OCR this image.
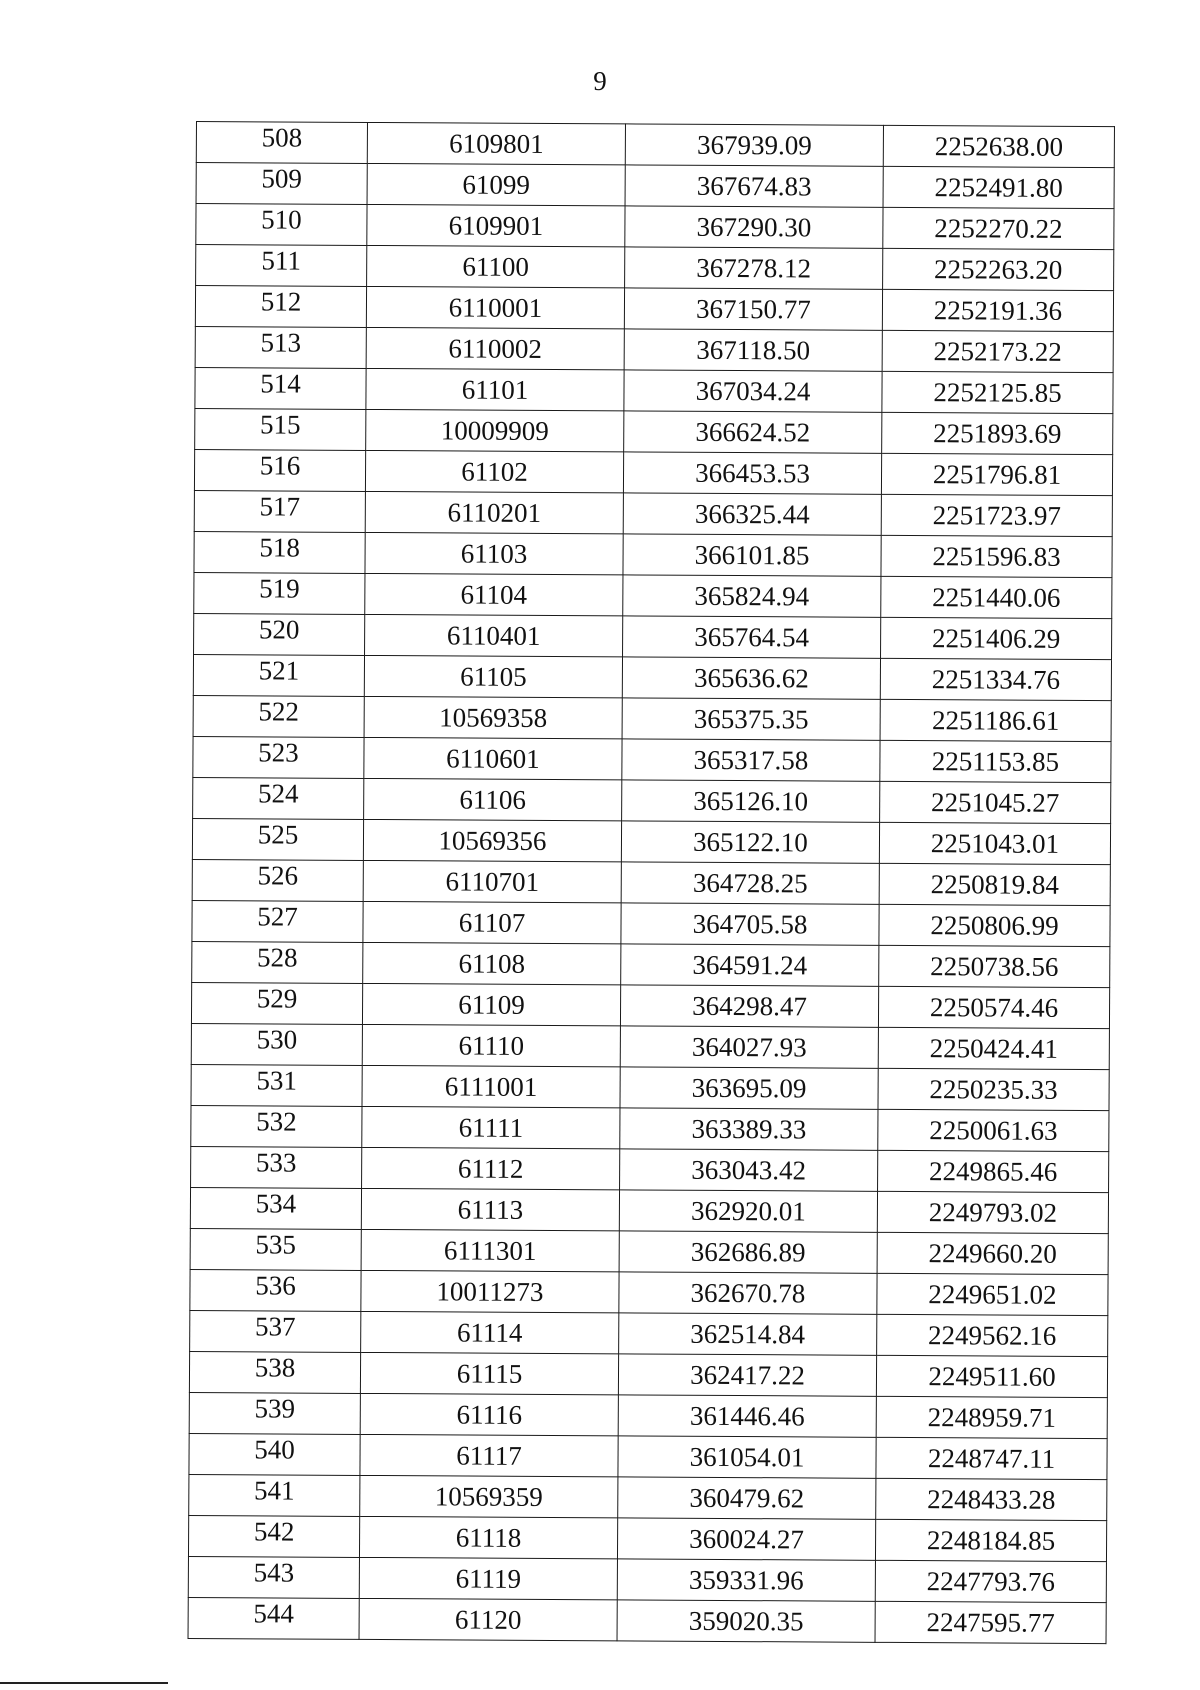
9
508	6109801	367939.09	2252638.00
509	61099	367674.83	2252491.80
510	6109901	367290.30	2252270.22
511	61100	367278.12	2252263.20
512	6110001	367150.77	2252191.36
513	6110002	367118.50	2252173.22
514	61101	367034.24	2252125.85
515	10009909	366624.52	2251893.69
516	61102	366453.53	2251796.81
517	6110201	366325.44	2251723.97
518	61103	366101.85	2251596.83
519	61104	365824.94	2251440.06
520	6110401	365764.54	2251406.29
521	61105	365636.62	2251334.76
522	10569358	365375.35	2251186.61
523	6110601	365317.58	2251153.85
524	61106	365126.10	2251045.27
525	10569356	365122.10	2251043.01
526	6110701	364728.25	2250819.84
527	61107	364705.58	2250806.99
528	61108	364591.24	2250738.56
529	61109	364298.47	2250574.46
530	61110	364027.93	2250424.41
531	6111001	363695.09	2250235.33
532	61111	363389.33	2250061.63
533	61112	363043.42	2249865.46
534	61113	362920.01	2249793.02
535	6111301	362686.89	2249660.20
536	10011273	362670.78	2249651.02
537	61114	362514.84	2249562.16
538	61115	362417.22	2249511.60
539	61116	361446.46	2248959.71
540	61117	361054.01	2248747.11
541	10569359	360479.62	2248433.28
542	61118	360024.27	2248184.85
543	61119	359331.96	2247793.76
544	61120	359020.35	2247595.77
